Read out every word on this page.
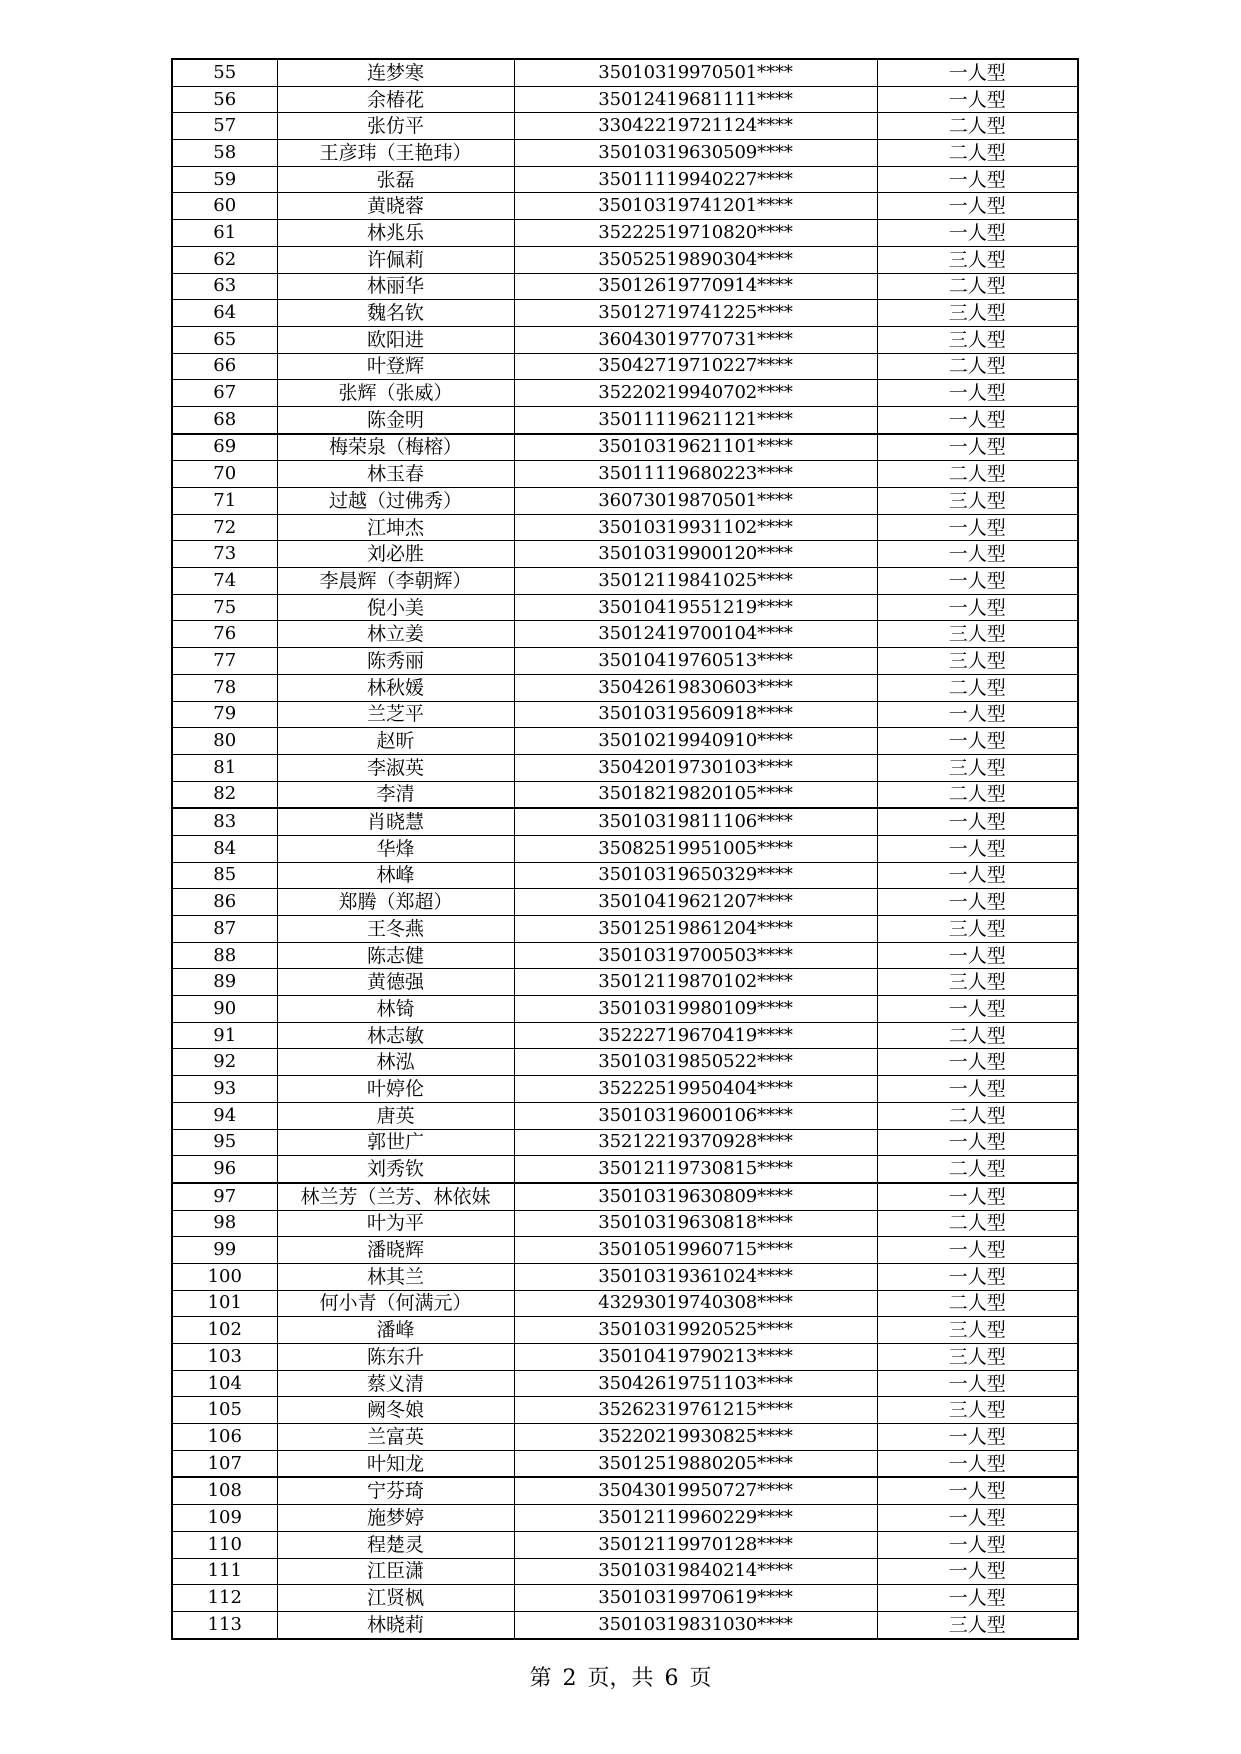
55	连梦寒	35010319970501****	一人型
56	余椿花	35012419681111****	一人型
57	张仿平	33042219721124****	二人型
58	王彦玮（王艳玮）	35010319630509****	二人型
59	张磊	35011119940227****	一人型
60	黄晓蓉	35010319741201****	一人型
61	林兆乐	35222519710820****	一人型
62	许佩莉	35052519890304****	三人型
63	林丽华	35012619770914****	二人型
64	魏名钦	35012719741225****	三人型
65	欧阳进	36043019770731****	三人型
66	叶登辉	35042719710227****	二人型
67	张辉（张威）	35220219940702****	一人型
68	陈金明	35011119621121****	一人型
69	梅荣泉（梅榕）	35010319621101****	一人型
70	林玉春	35011119680223****	二人型
71	过越（过佛秀）	36073019870501****	三人型
72	江坤杰	35010319931102****	一人型
73	刘必胜	35010319900120****	一人型
74	李晨辉（李朝辉）	35012119841025****	一人型
75	倪小美	35010419551219****	一人型
76	林立姜	35012419700104****	三人型
77	陈秀丽	35010419760513****	三人型
78	林秋媛	35042619830603****	二人型
79	兰芝平	35010319560918****	一人型
80	赵昕	35010219940910****	一人型
81	李淑英	35042019730103****	三人型
82	李清	35018219820105****	二人型
83	肖晓慧	35010319811106****	一人型
84	华烽	35082519951005****	一人型
85	林峰	35010319650329****	一人型
86	郑腾（郑超）	35010419621207****	一人型
87	王冬燕	35012519861204****	三人型
88	陈志健	35010319700503****	一人型
89	黄德强	35012119870102****	三人型
90	林锜	35010319980109****	一人型
91	林志敏	35222719670419****	二人型
92	林泓	35010319850522****	一人型
93	叶婷伦	35222519950404****	一人型
94	唐英	35010319600106****	二人型
95	郭世广	35212219370928****	一人型
96	刘秀钦	35012119730815****	二人型
97	林兰芳（兰芳、林依妹	35010319630809****	一人型
98	叶为平	35010319630818****	二人型
99	潘晓辉	35010519960715****	一人型
100	林其兰	35010319361024****	一人型
101	何小青（何满元）	43293019740308****	二人型
102	潘峰	35010319920525****	三人型
103	陈东升	35010419790213****	三人型
104	蔡义清	35042619751103****	一人型
105	阙冬娘	35262319761215****	三人型
106	兰富英	35220219930825****	一人型
107	叶知龙	35012519880205****	一人型
108	宁芬琦	35043019950727****	一人型
109	施梦婷	35012119960229****	一人型
110	程楚灵	35012119970128****	一人型
111	江臣潇	35010319840214****	一人型
112	江贤枫	35010319970619****	一人型
113	林晓莉	35010319831030****	三人型
第 2 页，共 6 页
